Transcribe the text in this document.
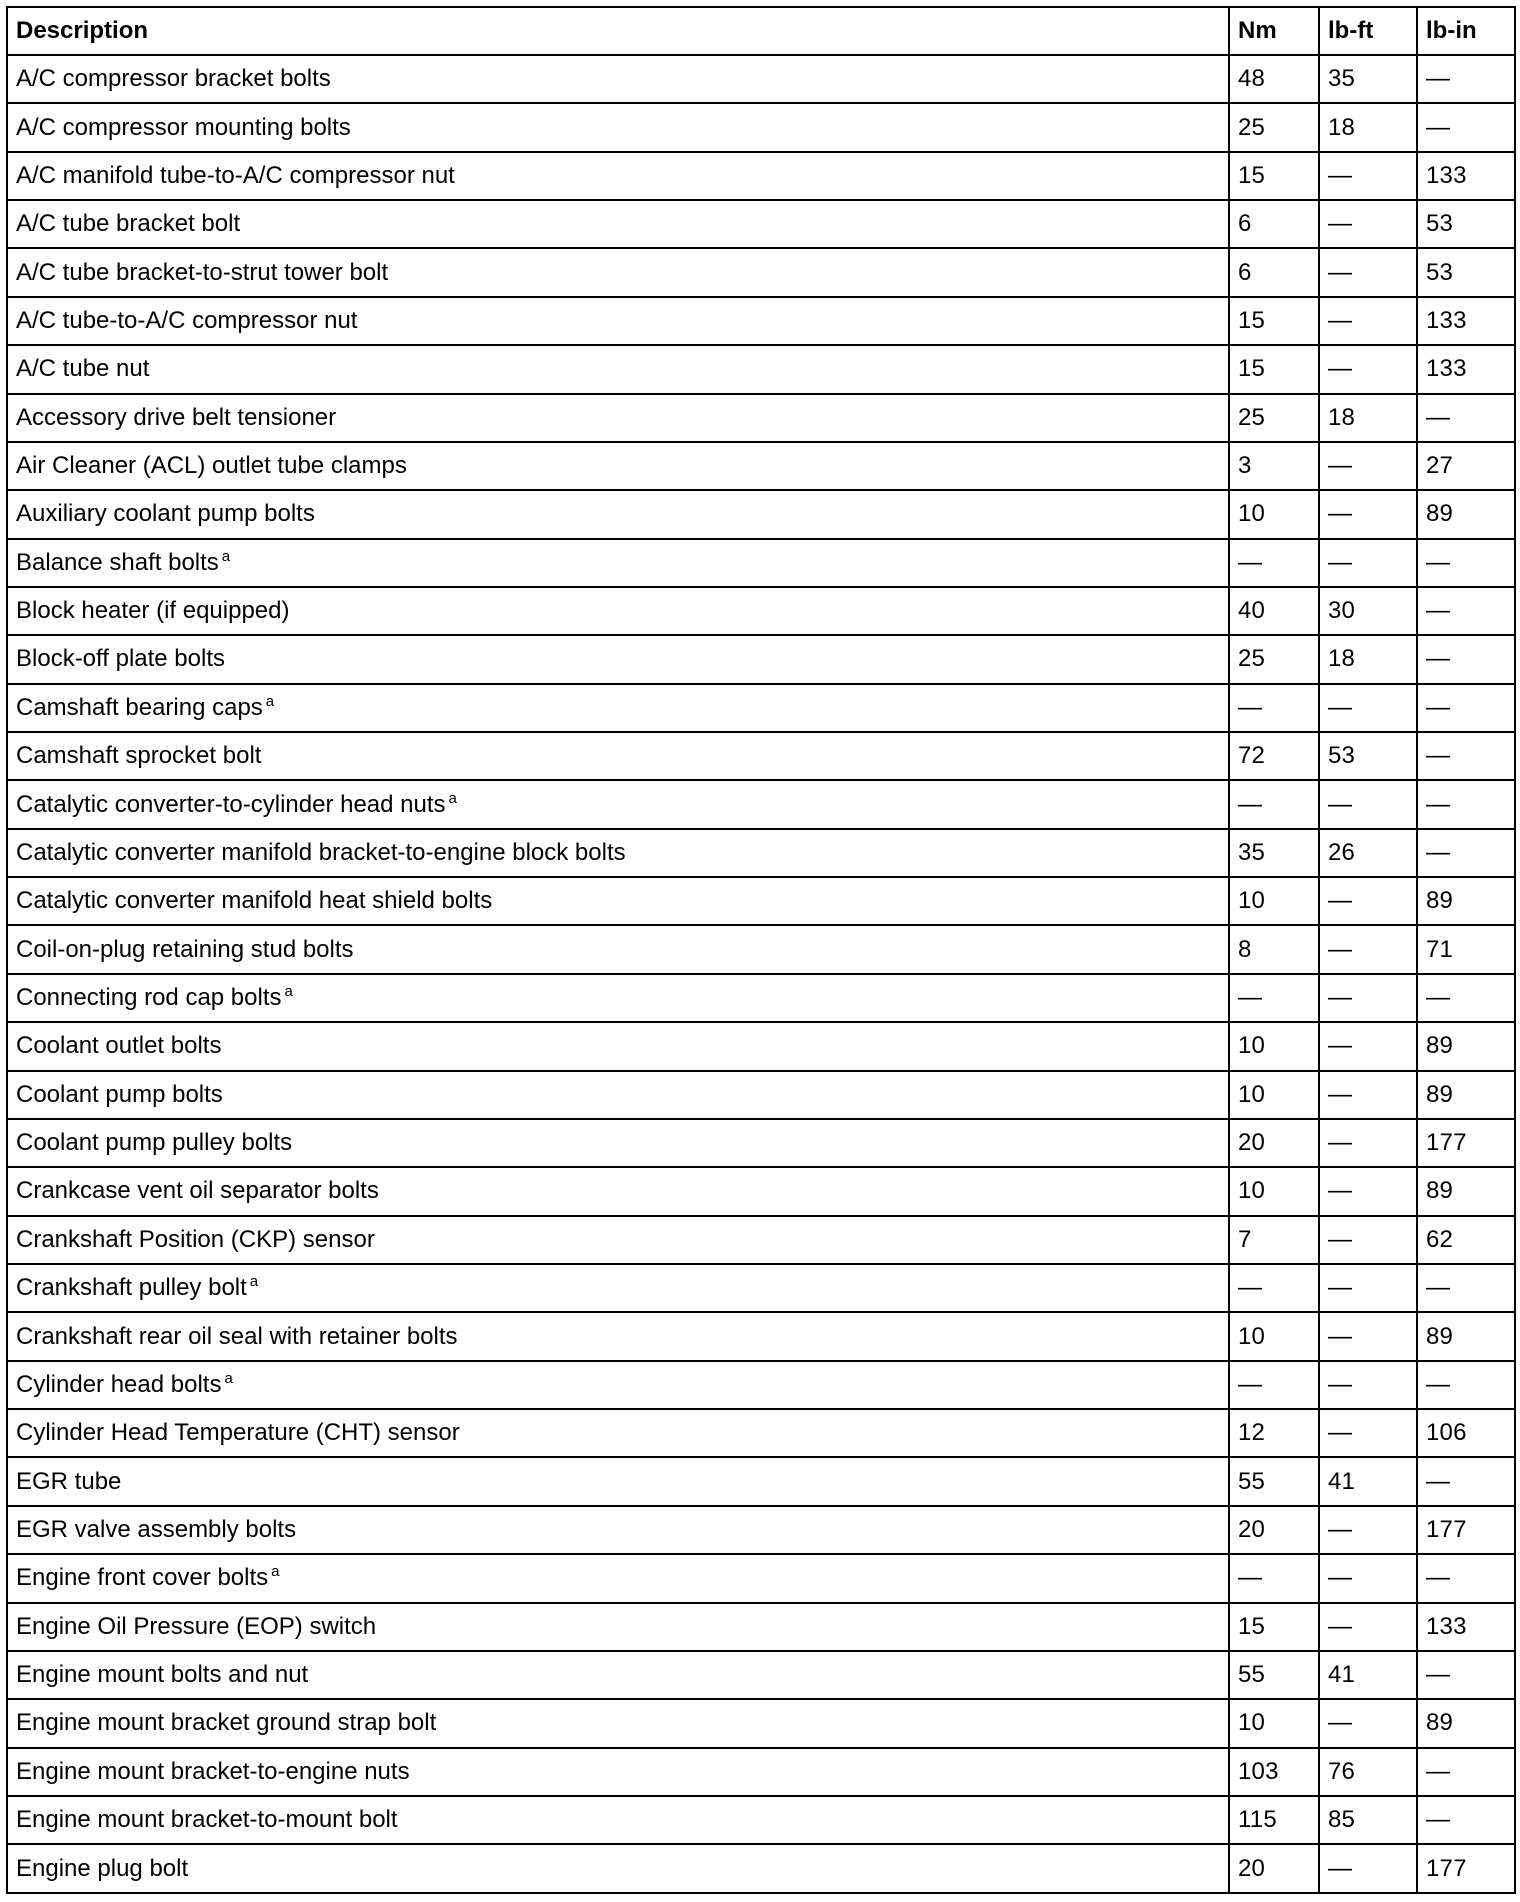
Description	Nm	lb-ft	lb-in
A/C compressor bracket bolts	48	35	—
A/C compressor mounting bolts	25	18	—
A/C manifold tube-to-A/C compressor nut	15	—	133
A/C tube bracket bolt	6	—	53
A/C tube bracket-to-strut tower bolt	6	—	53
A/C tube-to-A/C compressor nut	15	—	133
A/C tube nut	15	—	133
Accessory drive belt tensioner	25	18	—
Air Cleaner (ACL) outlet tube clamps	3	—	27
Auxiliary coolant pump bolts	10	—	89
Balance shaft bolts $^a$	—	—	—
Block heater (if equipped)	40	30	—
Block-off plate bolts	25	18	—
Camshaft bearing caps $^a$	—	—	—
Camshaft sprocket bolt	72	53	—
Catalytic converter-to-cylinder head nuts $^a$	—	—	—
Catalytic converter manifold bracket-to-engine block bolts	35	26	—
Catalytic converter manifold heat shield bolts	10	—	89
Coil-on-plug retaining stud bolts	8	—	71
Connecting rod cap bolts $^a$	—	—	—
Coolant outlet bolts	10	—	89
Coolant pump bolts	10	—	89
Coolant pump pulley bolts	20	—	177
Crankcase vent oil separator bolts	10	—	89
Crankshaft Position (CKP) sensor	7	—	62
Crankshaft pulley bolt $^a$	—	—	—
Crankshaft rear oil seal with retainer bolts	10	—	89
Cylinder head bolts $^a$	—	—	—
Cylinder Head Temperature (CHT) sensor	12	—	106
EGR tube	55	41	—
EGR valve assembly bolts	20	—	177
Engine front cover bolts $^a$	—	—	—
Engine Oil Pressure (EOP) switch	15	—	133
Engine mount bolts and nut	55	41	—
Engine mount bracket ground strap bolt	10	—	89
Engine mount bracket-to-engine nuts	103	76	—
Engine mount bracket-to-mount bolt	115	85	—
Engine plug bolt	20	—	177
